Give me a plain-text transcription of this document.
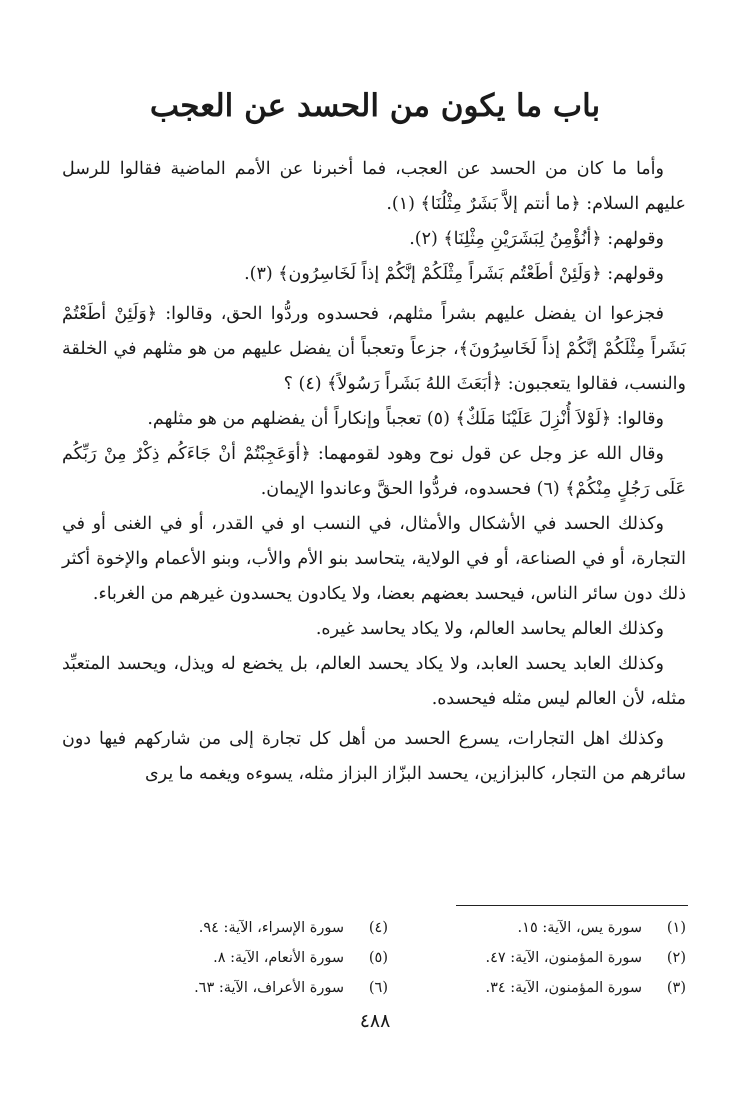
باب ما يكون من الحسد عن العجب

وأما ما كان من الحسد عن العجب، فما أخبرنا عن الأمم الماضية فقالوا للرسل عليهم السلام: ﴿ما أنتم إلاَّ بَشَرٌ مِثْلُنَا﴾ (١).

وقولهم: ﴿أنُؤْمِنُ لِبَشَرَيْنِ مِثْلِنَا﴾ (٢).

وقولهم: ﴿وَلَئِنْ أطَعْتُم بَشَراً مِثْلَكُمْ إنَّكُمْ إذاً لَخَاسِرُون﴾ (٣).

فجزعوا ان يفضل عليهم بشراً مثلهم، فحسدوه وردُّوا الحق، وقالوا: ﴿وَلَئِنْ أطَعْتُمْ بَشَراً مِثْلَكُمْ إنَّكُمْ إذاً لَخَاسِرُونَ﴾، جزعاً وتعجباً أن يفضل عليهم من هو مثلهم في الخلقة والنسب، فقالوا يتعجبون: ﴿أبَعَثَ اللهُ بَشَراً رَسُولاً﴾ (٤) ؟

وقالوا: ﴿لَوْلاَ أُنْزِلَ عَلَيْنَا مَلَكٌ﴾ (٥) تعجباً وإنكاراً أن يفضلهم من هو مثلهم.

وقال الله عز وجل عن قول نوح وهود لقومهما: ﴿أوَعَجِبْتُمْ أنْ جَاءَكُم ذِكْرٌ مِنْ رَبِّكُم عَلَى رَجُلٍ مِنْكُمْ﴾ (٦) فحسدوه، فردُّوا الحقَّ وعاندوا الإيمان.

وكذلك الحسد في الأشكال والأمثال، في النسب او في القدر، أو في الغنى أو في التجارة، أو في الصناعة، أو في الولاية، يتحاسد بنو الأم والأب، وبنو الأعمام والإخوة أكثر ذلك دون سائر الناس، فيحسد بعضهم بعضا، ولا يكادون يحسدون غيرهم من الغرباء.

وكذلك العالم يحاسد العالم، ولا يكاد يحاسد غيره.

وكذلك العابد يحسد العابد، ولا يكاد يحسد العالم، بل يخضع له ويذل، ويحسد المتعبِّد مثله، لأن العالم ليس مثله فيحسده.

وكذلك اهل التجارات، يسرع الحسد من أهل كل تجارة إلى من شاركهم فيها دون سائرهم من التجار، كالبزازين، يحسد البزّاز البزاز مثله، يسوءه ويغمه ما يرى

(١)سورة يس، الآية: ١٥.
(٢)سورة المؤمنون، الآية: ٤٧.
(٣)سورة المؤمنون، الآية: ٣٤.
(٤)سورة الإسراء، الآية: ٩٤.
(٥)سورة الأنعام، الآية: ٨.
(٦)سورة الأعراف، الآية: ٦٣.
٤٨٨
